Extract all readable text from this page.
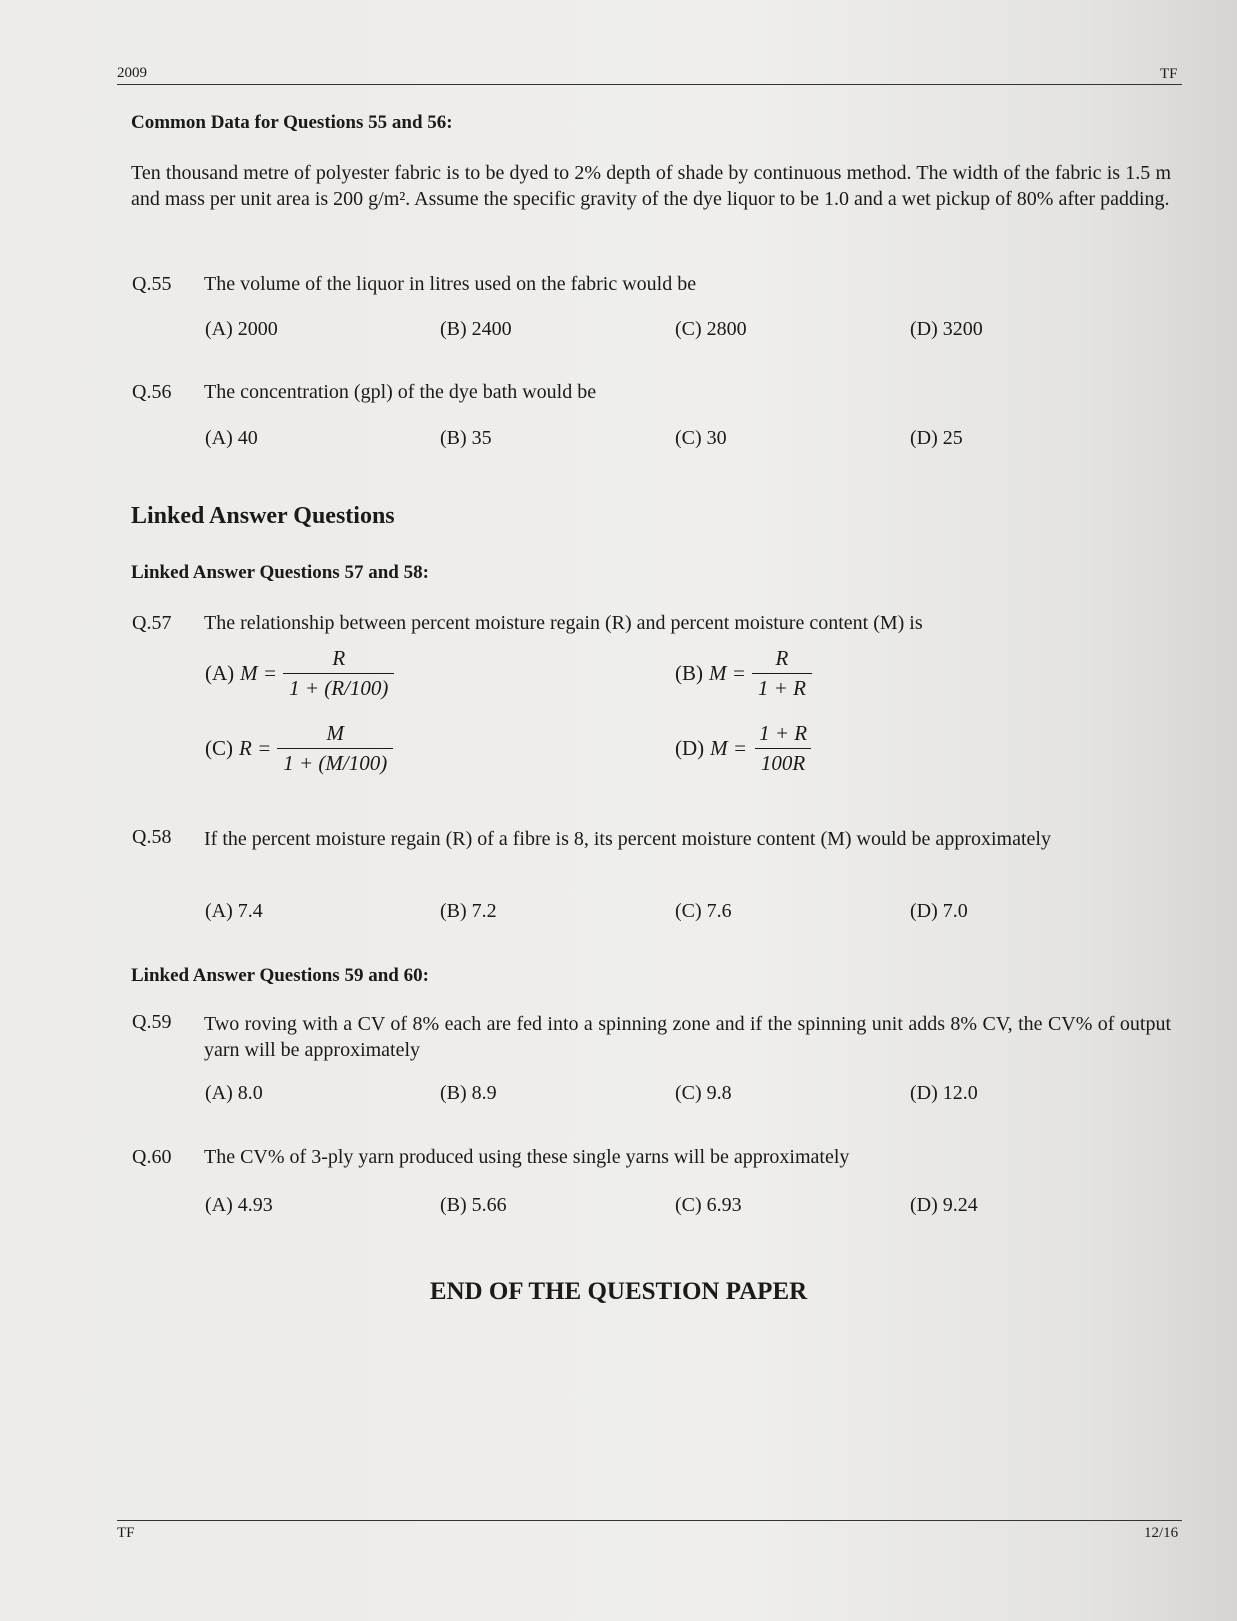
2009	TF
Common Data for Questions 55 and 56:
Ten thousand metre of polyester fabric is to be dyed to 2% depth of shade by continuous method. The width of the fabric is 1.5 m and mass per unit area is 200 g/m². Assume the specific gravity of the dye liquor to be 1.0 and a wet pickup of 80% after padding.
Q.55 The volume of the liquor in litres used on the fabric would be
(A) 2000	(B) 2400	(C) 2800	(D) 3200
Q.56 The concentration (gpl) of the dye bath would be
(A) 40	(B) 35	(C) 30	(D) 25
Linked Answer Questions
Linked Answer Questions 57 and 58:
Q.57 The relationship between percent moisture regain (R) and percent moisture content (M) is
(A) $M = \frac{R}{1 + (R/100)}$	(B) $M = \frac{R}{1 + R}$
(C) $R = \frac{M}{1 + (M/100)}$	(D) $M = \frac{1 + R}{100R}$
Q.58 If the percent moisture regain (R) of a fibre is 8, its percent moisture content (M) would be approximately
(A) 7.4	(B) 7.2	(C) 7.6	(D) 7.0
Linked Answer Questions 59 and 60:
Q.59 Two roving with a CV of 8% each are fed into a spinning zone and if the spinning unit adds 8% CV, the CV% of output yarn will be approximately
(A) 8.0	(B) 8.9	(C) 9.8	(D) 12.0
Q.60 The CV% of 3-ply yarn produced using these single yarns will be approximately
(A) 4.93	(B) 5.66	(C) 6.93	(D) 9.24
END OF THE QUESTION PAPER
TF	12/16
